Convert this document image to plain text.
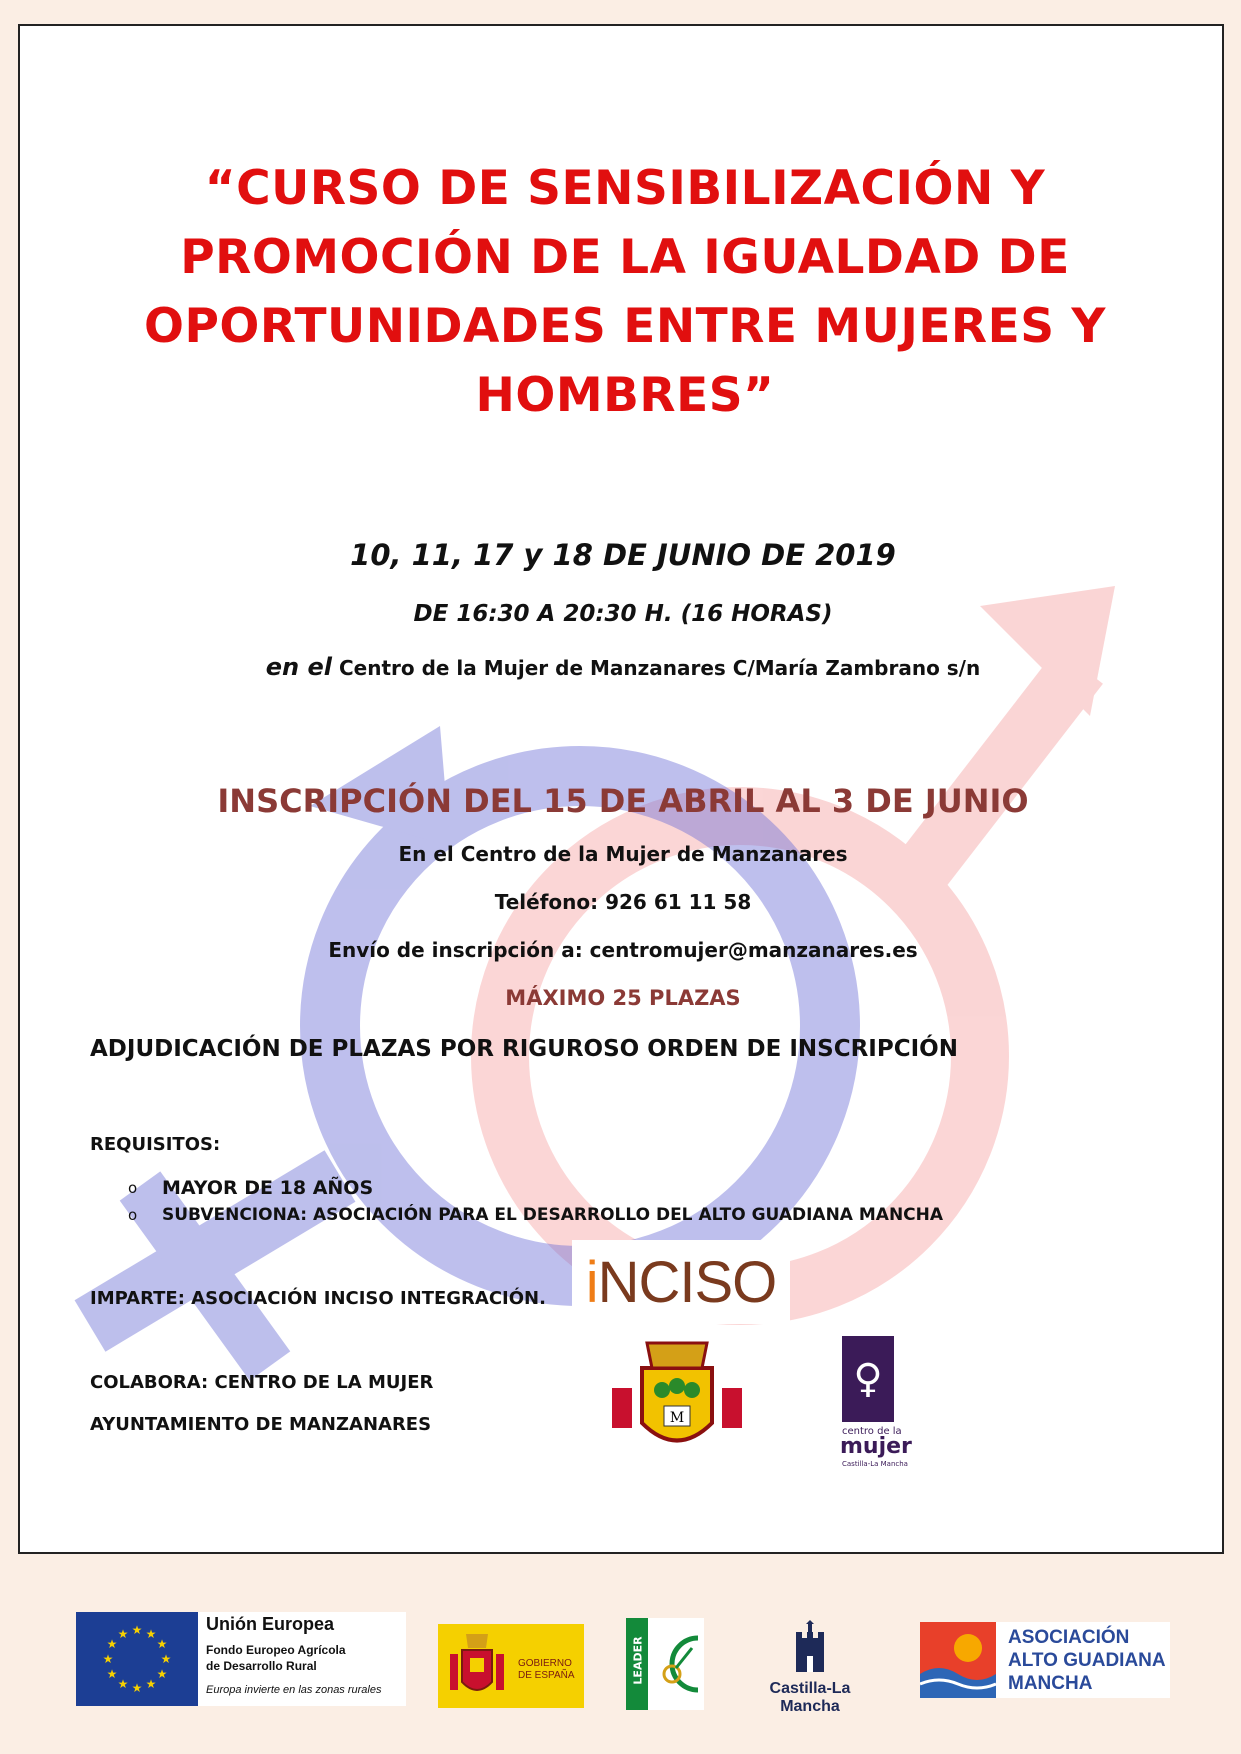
“CURSO DE SENSIBILIZACIÓN Y
PROMOCIÓN DE LA IGUALDAD DE
OPORTUNIDADES ENTRE MUJERES Y
HOMBRES”
10, 11, 17 y 18 DE JUNIO DE 2019
DE 16:30 A 20:30 H. (16 HORAS)
en el Centro de la Mujer de Manzanares C/María Zambrano s/n
INSCRIPCIÓN DEL 15 DE ABRIL AL 3 DE JUNIO
En el Centro de la Mujer de Manzanares
Teléfono: 926 61 11 58
Envío de inscripción a: centromujer@manzanares.es
MÁXIMO 25 PLAZAS
ADJUDICACIÓN DE PLAZAS POR RIGUROSO ORDEN DE INSCRIPCIÓN
REQUISITOS:
o	MAYOR DE 18 AÑOS
o	SUBVENCIONA: ASOCIACIÓN PARA EL DESARROLLO DEL ALTO GUADIANA MANCHA
IMPARTE: ASOCIACIÓN INCISO INTEGRACIÓN. i NCISO
COLABORA: CENTRO DE LA MUJER
AYUNTAMIENTO DE MANZANARES	M
♀
centro de la
mujer
Castilla-La Mancha
★ ★
★
★
★
★
★
★
★
★
★
★	Unión Europea
Fondo Europeo Agrícola
de Desarrollo Rural
Europa invierte en las zonas rurales
GOBIERNO
DE ESPAÑA	LEADER
Castilla-La Mancha
ASOCIACIÓN
ALTO GUADIANA
MANCHA
